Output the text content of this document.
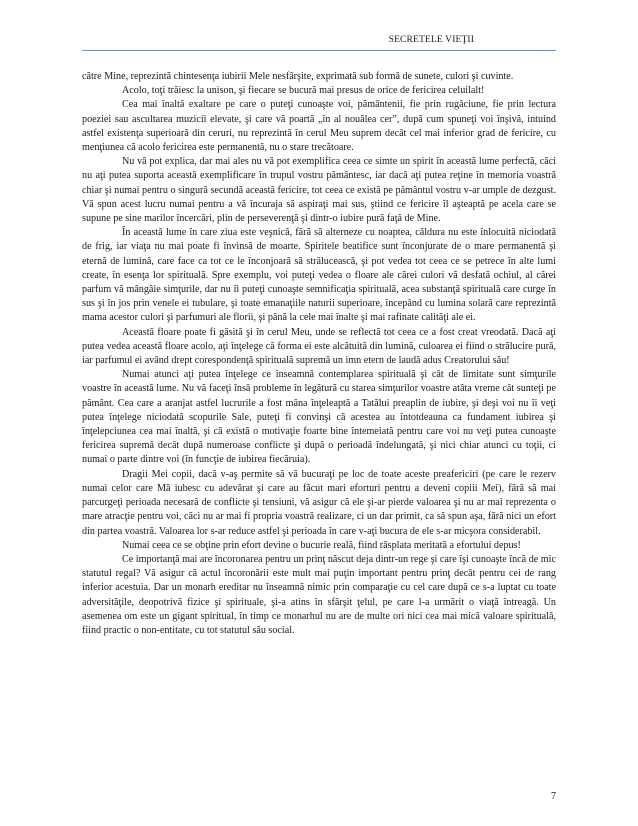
SECRETELE VIEŢII

către Mine, reprezintă chintesenţa iubirii Mele nesfârşite, exprimată sub formă de sunete, culori şi cuvinte.

Acolo, toţi trăiesc la unison, şi fiecare se bucură mai presus de orice de fericirea celuilalt!

Cea mai înaltă exaltare pe care o puteţi cunoaşte voi, pământenii, fie prin rugăciune, fie prin lectura poeziei sau ascultarea muzicii elevate, şi care vă poartă „în al nouălea cer”, după cum spuneţi voi înşivă, intuind astfel existenţa superioară din ceruri, nu reprezintă în cerul Meu suprem decât cel mai inferior grad de fericire, cu menţiunea că acolo fericirea este permanentă, nu o stare trecătoare.

Nu vă pot explica, dar mai ales nu vă pot exemplifica ceea ce simte un spirit în această lume perfectă, căci nu aţi putea suporta această exemplificare în trupul vostru pământesc, iar dacă aţi putea reţine în memoria voastră chiar şi numai pentru o singură secundă această fericire, tot ceea ce există pe pământul vostru v-ar umple de dezgust. Vă spun acest lucru numai pentru a vă încuraja să aspiraţi mai sus, ştiind ce fericire îl aşteaptă pe acela care se supune pe sine marilor încercări, plin de perseverenţă şi dintr-o iubire pură faţă de Mine.

În această lume în care ziua este veşnică, fără să alterneze cu noaptea, căldura nu este înlocuită niciodată de frig, iar viaţa nu mai poate fi învinsă de moarte. Spiritele beatifice sunt înconjurate de o mare permanentă şi eternă de lumină, care face ca tot ce le înconjoară să strălucească, şi pot vedea tot ceea ce se petrece în alte lumi create, în esenţa lor spirituală. Spre exemplu, voi puteţi vedea o floare ale cărei culori vă desfată ochiul, al cărei parfum vă mângâie simţurile, dar nu îi puteţi cunoaşte semnificaţia spirituală, acea substanţă spirituală care curge în sus şi în jos prin venele ei tubulare, şi toate emanaţiile naturii superioare, începând cu lumina solară care reprezintă mama acestor culori şi parfumuri ale florii, şi până la cele mai înalte şi mai rafinate calităţi ale ei.

Această floare poate fi găsită şi în cerul Meu, unde se reflectă tot ceea ce a fost creat vreodată. Dacă aţi putea vedea această floare acolo, aţi înţelege că forma ei este alcătuită din lumină, culoarea ei fiind o strălucire pură, iar parfumul ei având drept corespondenţă spirituală supremă un imn etern de laudă adus Creatorului său!

Numai atunci aţi putea înţelege ce înseamnă contemplarea spirituală şi cât de limitate sunt simţurile voastre în această lume. Nu vă faceţi însă probleme în legătură cu starea simţurilor voastre atâta vreme cât sunteţi pe pământ. Cea care a aranjat astfel lucrurile a fost mâna înţeleaptă a Tatălui preaplin de iubire, şi deşi voi nu îi veţi putea înţelege niciodată scopurile Sale, puteţi fi convinşi că acestea au întotdeauna ca fundament iubirea şi înţelepciunea cea mai înaltă, şi că există o motivaţie foarte bine întemeiată pentru care voi nu veţi putea cunoaşte fericirea supremă decât după numeroase conflicte şi după o perioadă îndelungată, şi nici chiar atunci cu toţii, ci numai o parte dintre voi (în funcţie de iubirea fiecăruia).

Dragii Mei copii, dacă v-aş permite să vă bucuraţi pe loc de toate aceste preafericiri (pe care le rezerv numai celor care Mă iubesc cu adevărat şi care au făcut mari eforturi pentru a deveni copiii Mei), fără să mai parcurgeţi perioada necesară de conflicte şi tensiuni, vă asigur că ele şi-ar pierde valoarea şi nu ar mai reprezenta o mare atracţie pentru voi, căci nu ar mai fi propria voastră realizare, ci un dar primit, ca să spun aşa, fără nici un efort din partea voastră. Valoarea lor s-ar reduce astfel şi perioada în care v-aţi bucura de ele s-ar micşora considerabil.

Numai ceea ce se obţine prin efort devine o bucurie reală, fiind răsplata meritată a efortului depus!

Ce importanţă mai are încoronarea pentru un prinţ născut deja dintr-un rege şi care îşi cunoaşte încă de mic statutul regal? Vă asigur că actul încoronării este mult mai puţin important pentru prinţ decât pentru cei de rang inferior acestuia. Dar un monarh ereditar nu înseamnă nimic prin comparaţie cu cel care după ce s-a luptat cu toate adversităţile, deopotrivă fizice şi spirituale, şi-a atins în sfârşit ţelul, pe care l-a urmărit o viaţă întreagă. Un asemenea om este un gigant spiritual, în timp ce monarhul nu are de multe ori nici cea mai mică valoare spirituală, fiind practic o non-entitate, cu tot statutul său social.

7
